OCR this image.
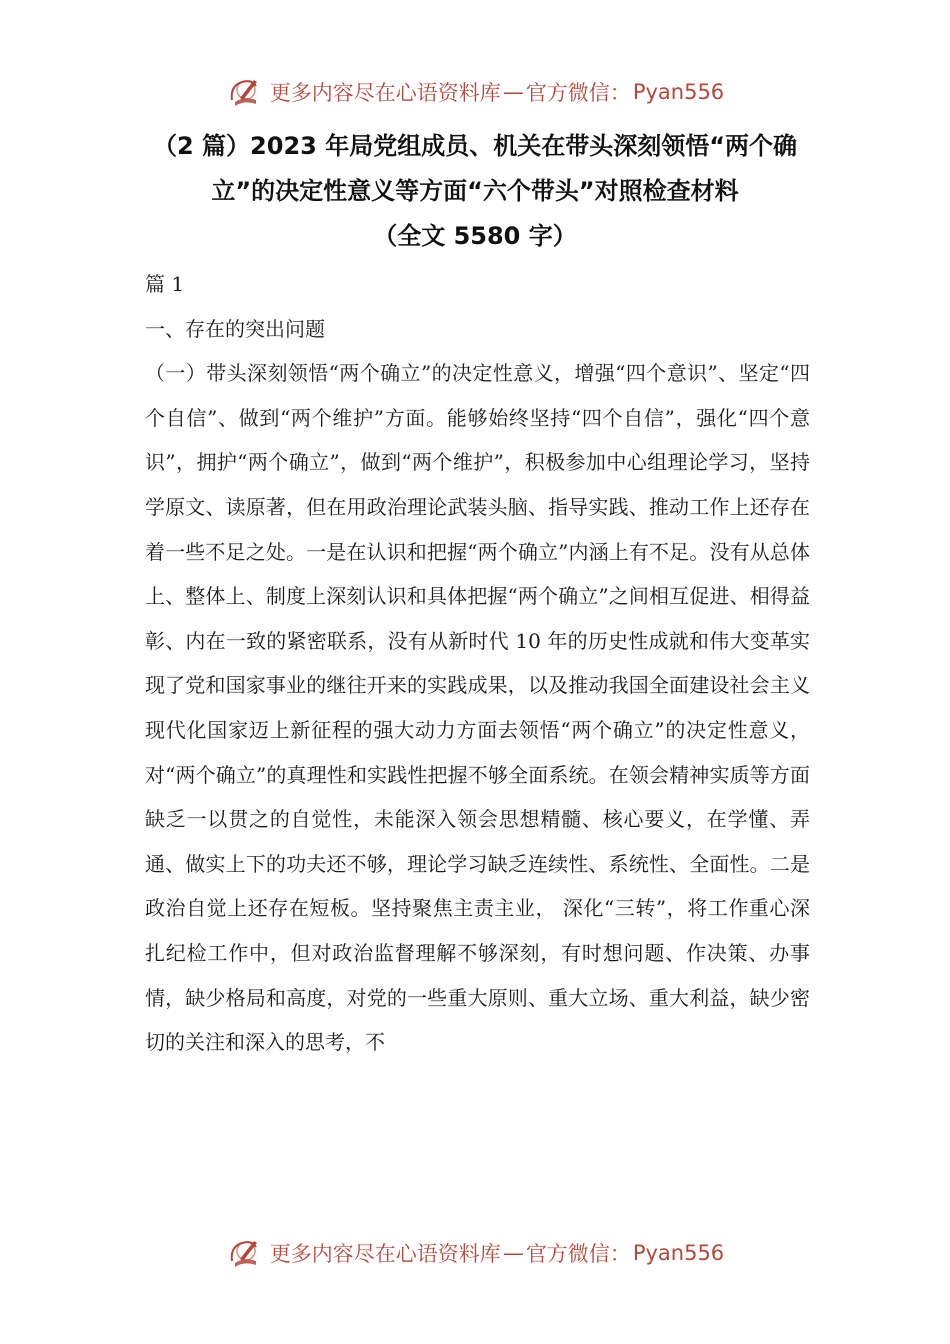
更多内容尽在心语资料库 — 官方微信： Pyan556
（2 篇）2023 年局党组成员、机关在带头深刻领悟“两个确
立”的决定性意义等方面“六个带头”对照检查材料
（全文 5580 字）

篇 1

一、存在的突出问题

（一）带头深刻领悟“两个确立”的决定性意义，增强“四个意识”、坚定“四个自信”、做到“两个维护”方面。能够始终坚持“四个自信”，强化“四个意识”，拥护“两个确立”，做到“两个维护”，积极参加中心组理论学习，坚持学原文、读原著，但在用政治理论武装头脑、指导实践、推动工作上还存在着一些不足之处。一是在认识和把握“两个确立”内涵上有不足。没有从总体上、整体上、制度上深刻认识和具体把握“两个确立”之间相互促进、相得益彰、内在一致的紧密联系，没有从新时代 10 年的历史性成就和伟大变革实现了党和国家事业的继往开来的实践成果，以及推动我国全面建设社会主义现代化国家迈上新征程的强大动力方面去领悟“两个确立”的决定性意义，对“两个确立”的真理性和实践性把握不够全面系统。在领会精神实质等方面缺乏一以贯之的自觉性，未能深入领会思想精髓、核心要义，在学懂、弄通、做实上下的功夫还不够，理论学习缺乏连续性、系统性、全面性。二是政治自觉上还存在短板。坚持聚焦主责主业， 深化“三转”，将工作重心深扎纪检工作中，但对政治监督理解不够深刻，有时想问题、作决策、办事情，缺少格局和高度，对党的一些重大原则、重大立场、重大利益，缺少密切的关注和深入的思考，不

更多内容尽在心语资料库 — 官方微信： Pyan556
